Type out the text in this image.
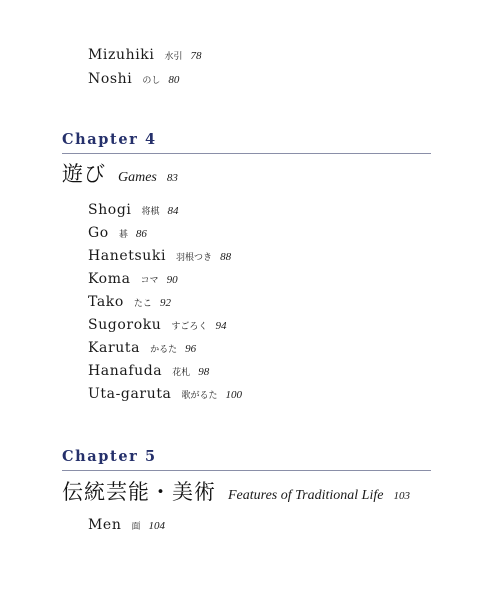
Mizuhiki 水引 78
Noshi のし 80
Chapter 4
遊び Games 83
Shogi 将棋 84
Go 碁 86
Hanetsuki 羽根つき 88
Koma コマ 90
Tako たこ 92
Sugoroku すごろく 94
Karuta かるた 96
Hanafuda 花札 98
Uta-garuta 歌がるた 100
Chapter 5
伝統芸能・美術 Features of Traditional Life 103
Men 面 104
